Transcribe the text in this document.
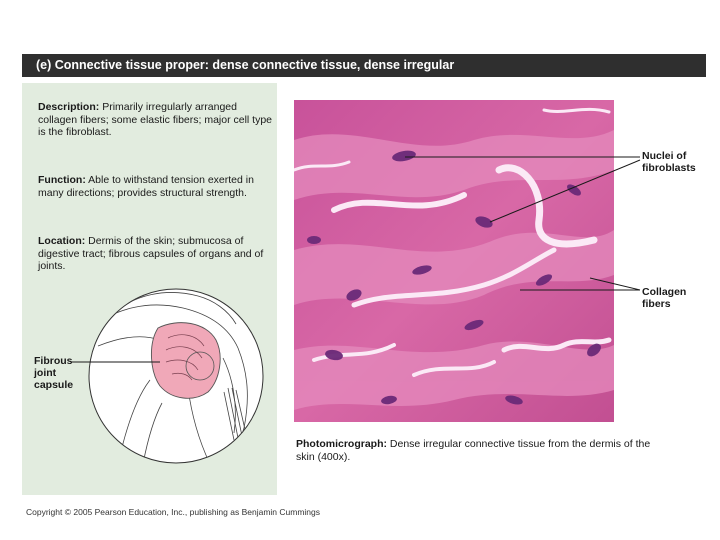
(e) Connective tissue proper: dense connective tissue, dense irregular
Description: Primarily irregularly arranged collagen fibers; some elastic fibers; major cell type is the fibroblast.
Function: Able to withstand tension exerted in many directions; provides structural strength.
Location: Dermis of the skin; submucosa of digestive tract; fibrous capsules of organs and of joints.
Fibrous joint capsule
Nuclei of fibroblasts
Collagen fibers
Photomicrograph: Dense irregular connective tissue from the dermis of the skin (400x).
Copyright © 2005 Pearson Education, Inc., publishing as Benjamin Cummings
